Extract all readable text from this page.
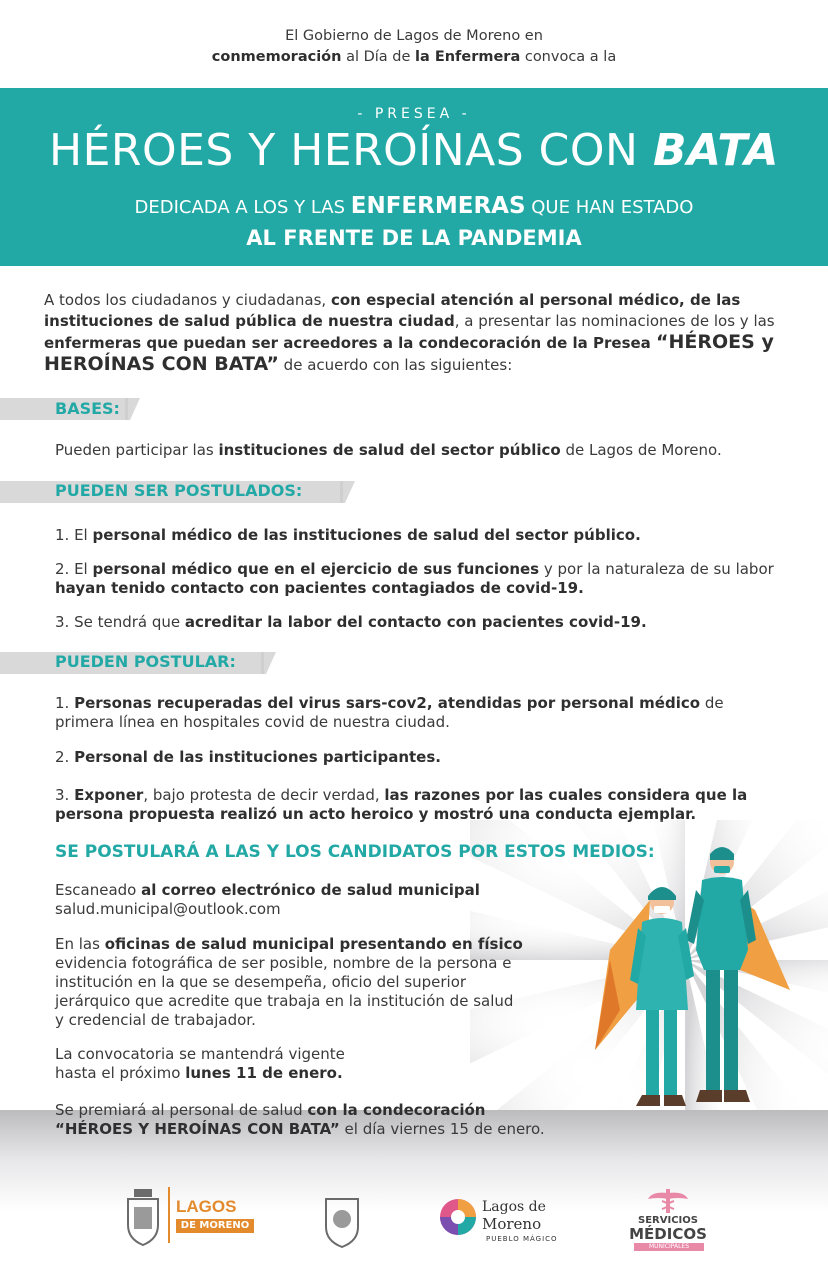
El Gobierno de Lagos de Moreno en
conmemoración al Día de la Enfermera convoca a la
- PRESEA -
HÉROES Y HEROÍNAS CON BATA
DEDICADA A LOS Y LAS ENFERMERAS QUE HAN ESTADO
AL FRENTE DE LA PANDEMIA
A todos los ciudadanos y ciudadanas, con especial atención al personal médico, de las instituciones de salud pública de nuestra ciudad, a presentar las nominaciones de los y las enfermeras que puedan ser acreedores a la condecoración de la Presea “HÉROES y HEROÍNAS CON BATA” de acuerdo con las siguientes:
BASES:
Pueden participar las instituciones de salud del sector público de Lagos de Moreno.
PUEDEN SER POSTULADOS:
1. El personal médico de las instituciones de salud del sector público.
2. El personal médico que en el ejercicio de sus funciones y por la naturaleza de su labor hayan tenido contacto con pacientes contagiados de covid-19.
3. Se tendrá que acreditar la labor del contacto con pacientes covid-19.
PUEDEN POSTULAR:
1. Personas recuperadas del virus sars-cov2, atendidas por personal médico de primera línea en hospitales covid de nuestra ciudad.
2. Personal de las instituciones participantes.
3. Exponer, bajo protesta de decir verdad, las razones por las cuales considera que la persona propuesta realizó un acto heroico y mostró una conducta ejemplar.
SE POSTULARÁ A LAS Y LOS CANDIDATOS POR ESTOS MEDIOS:
Escaneado al correo electrónico de salud municipal
salud.municipal@outlook.com
En las oficinas de salud municipal presentando en físico evidencia fotográfica de ser posible, nombre de la persona e institución en la que se desempeña, oficio del superior jerárquico que acredite que trabaja en la institución de salud y credencial de trabajador.
La convocatoria se mantendrá vigente hasta el próximo lunes 11 de enero.
Se premiará al personal de salud con la condecoración
“HÉROES Y HEROÍNAS CON BATA” el día viernes 15 de enero.
LAGOS
DE MORENO
Lagos de
Moreno
PUEBLO MÁGICO
SERVICIOS
MÉDICOS
MUNICIPALES
